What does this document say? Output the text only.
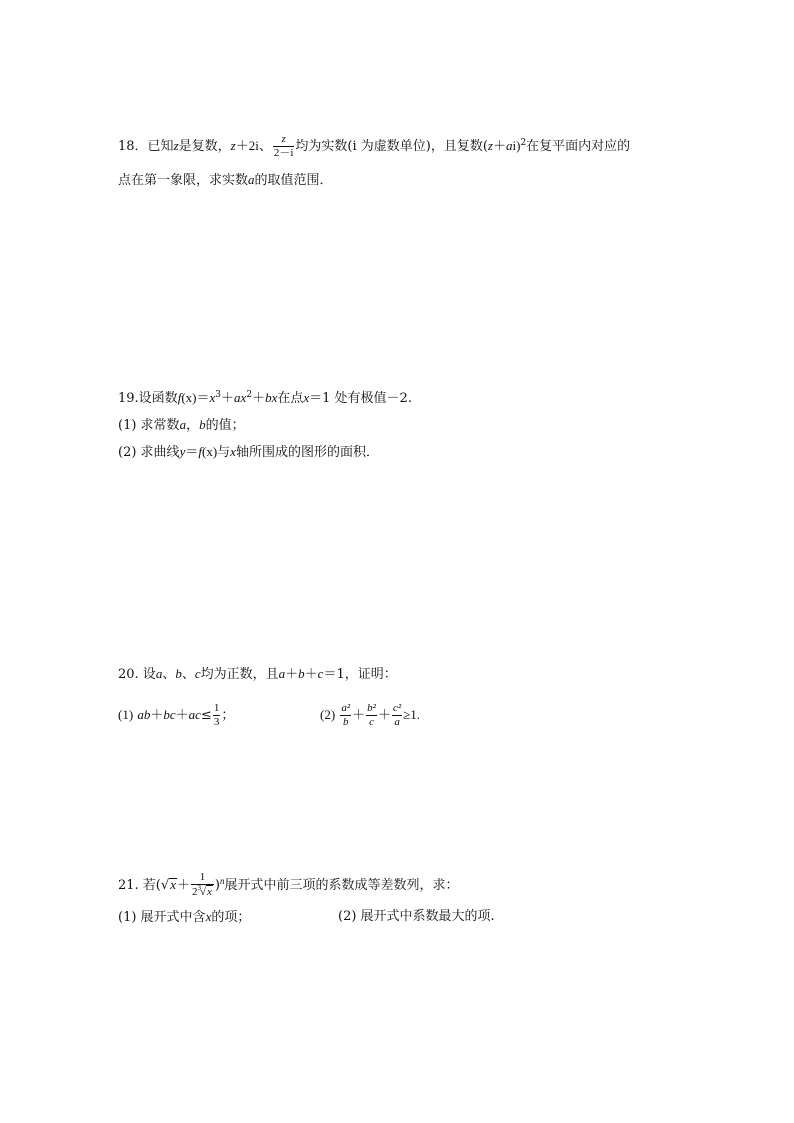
18．已知z是复数，z＋2i、 $\frac{z}{2-i}$ 均为实数(i 为虚数单位)，且复数$(z+ai)^2$在复平面内对应的
点在第一象限，求实数a的取值范围．
19.设函数$f(x)=x^3+ax^2+bx$在点x＝1 处有极值－2.
(1) 求常数a，b的值；
(2) 求曲线y＝f(x)与x轴所围成的图形的面积．
20. 设a、b、c均为正数，且a＋b＋c＝1，证明：
(1) $ab+bc+ac\le \frac{1}{3}$ ；	$(2) \frac{\text{a²}}{b} + \frac{\text{b²}}{c} + \frac{\text{c²}}{a} \ge 1$.
21. 若$(√x+ \frac{1}{2^3√x} )^n$展开式中前三项的系数成等差数列，求：
(1) 展开式中含x的项；	(2) 展开式中系数最大的项.
